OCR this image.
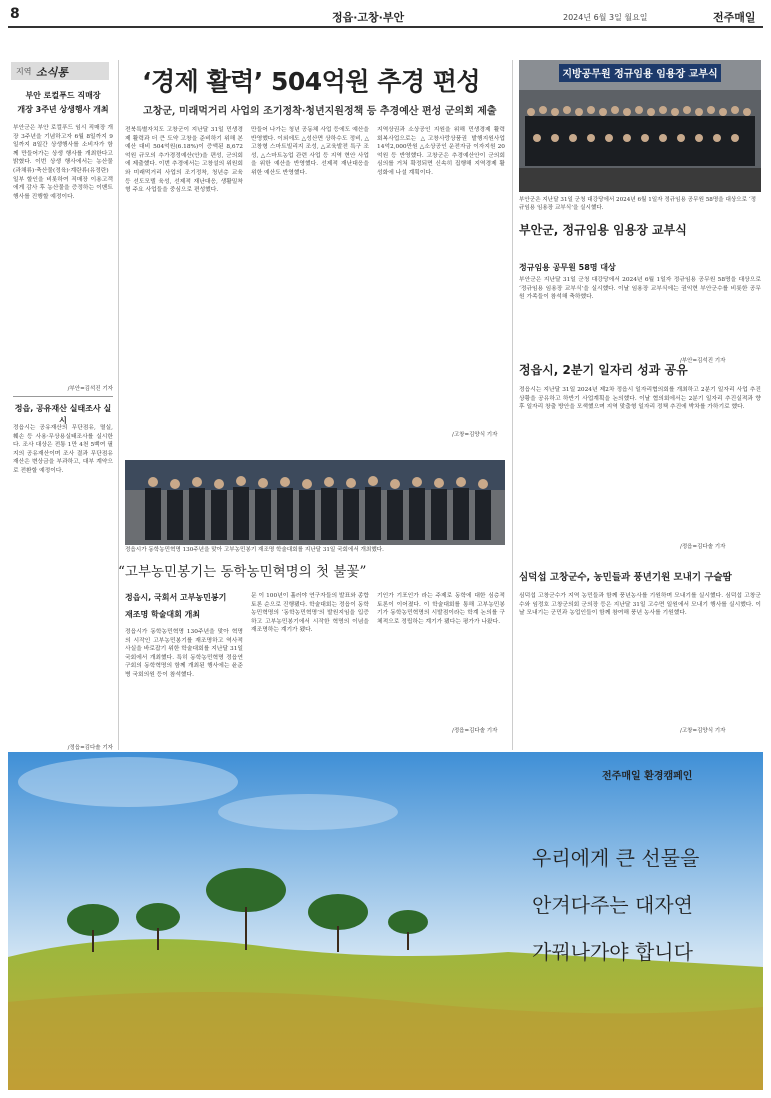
8	정읍·고창·부안	2024년 6월 3일 월요일	전주매일
지역 소식통
부안 로컬푸드 직매장
개장 3주년 상생행사 개최
부안군은 부안 로컬푸드 임시 직매장 개장 3주년을 기념하고자 6월 8일까지 9일까지 8일간 상생행사를 소비자가 함께 만들어가는 상생 행사를 개최한다고 밝혔다. 이번 상생 행사에서는 농산물(과채류)·축산물(정육)·계란류(유정란) 일부 할인을 비롯하여 직매장 이용고객에게 감사 후 농산물을 증정하는 이벤트 행사를 진행할 예정이다.
/부안=김석진 기자
정읍, 공유재산 실태조사 실시
정읍시는 공유재산의 무단점유, 멸실, 훼손 등 사용·무상용실태조사를 실시한다. 조사 대상은 전통 1만 4천 5백여 필지의 공유재산이며 조사 결과 무단점유 재산은 변상금을 부과하고, 대부 계약으로 전환할 예정이다.
/정읍=김다솔 기자
‘경제 활력’ 504억원 추경 편성
고창군, 미래먹거리 사업의 조기정착·청년지원정책 등 추경예산 편성 군의회 제출
전북특별자치도 고창군이 지난달 31일 민생경제 활력과 더 큰 도약 고창을 준비하기 위해 본예산 대비 504억원(6.18%)이 증액된 8,672억원 규모의 추가경정예산(안)을 편성, 군의회에 제출했다. 이번 추경에서는 고창설의 위원회와 미래먹거리 사업의 조기정착, 청년층 교육 등 선도모델 육성, 선제적 재난대응, 생활밀착형 주요 사업들을 중심으로 편성했다.
만들어 나가는 청년 공동체 사업 등에도 예산을 반영했다. 이외에도 △성산면 상하수도 정비, △고창형 스마트빌리지 조성, △교육발전 특구 조성, △스마트농업 관련 사업 등 지역 현안 사업을 위한 예산을 반영했다. 선제적 재난대응을 위한 예산도 반영했다.
지역상권과 소상공인 지원을 위해 민생경제 활력 회복사업으로는 △고창사랑상품권 발행지원사업 14억2,000만원 △소상공인 운전자금 이자지원 20억원 등 반영했다. 고창군은 추경예산안이 군의회 심의를 거쳐 확정되면 신속히 집행해 지역경제 활성화에 나설 계획이다.
/고창=김양식 기자
정읍시가 동학농민혁명 130주년을 맞아 고부농민봉기 재조명 학술대회를 지난달 31일 국회에서 개최했다.
“고부농민봉기는 동학농민혁명의 첫 불꽃”
정읍시, 국회서 고부농민봉기
재조명 학술대회 개최
정읍시가 동학농민혁명 130주년을 맞아 혁명의 시작인 고부농민봉기를 재조명하고 역사적 사실을 바로잡기 위한 학술대회를 지난달 31일 국회에서 개최했다. 특히 동학농민혁명 정읍연구회의 동학혁명의 함께 개최된 행사에는 윤준병 국회의원 등이 참석했다.
문 이 100년이 흘러야 연구자들의 발표와 종합토론 순으로 진행됐다. 학술대회는 정읍이 동학농민혁명의 ‘동학농민혁명’의 발원지임을 입증하고 고부농민봉기에서 시작한 혁명의 이념을 재조명하는 계기가 됐다.
기인가 기포인가 라는 주제로 동학에 대한 심층적 토론이 이어졌다. 이 학술대회를 통해 고부농민봉기가 동학농민혁명의 시발점이라는 학계 논의를 구체적으로 정립하는 계기가 됐다는 평가가 나왔다.
/정읍=김다솔 기자
지방공무원 정규임용 임용장 교부식
부안군은 지난달 31일 군청 대강당에서 2024년 6월 1일자 정규임용 공무원 58명을 대상으로 ‘정규임용 임용장 교부식’을 실시했다.
부안군, 정규임용 임용장 교부식
정규임용 공무원 58명 대상
부안군은 지난달 31일 군청 대강당에서 2024년 6월 1일자 정규임용 공무원 58명을 대상으로 ‘정규임용 임용장 교부식’을 실시했다. 이날 임용장 교부식에는 권익현 부안군수를 비롯한 공무원 가족들이 참석해 축하했다.
/부안=김석진 기자
정읍시, 2분기 일자리 성과 공유
정읍시는 지난달 31일 2024년 제2차 정읍시 일자리협의회를 개최하고 2분기 일자리 사업 추진상황을 공유하고 하반기 사업계획을 논의했다. 이날 협의회에서는 2분기 일자리 추진실적과 향후 일자리 창출 방안을 모색했으며 지역 맞춤형 일자리 정책 추진에 박차를 가하기로 했다.
/정읍=김다솔 기자
심덕섭 고창군수, 농민들과 풍년기원 모내기 구슬땀
심덕섭 고창군수가 지역 농민들과 함께 풍년농사를 기원하며 모내기를 실시했다. 심덕섭 고창군수와 임정호 고창군의회 군의장 등은 지난달 31일 고수면 일원에서 모내기 행사를 실시했다. 이날 모내기는 군민과 농업인들이 함께 참여해 풍년 농사를 기원했다.
/고창=김양식 기자
전주매일 환경캠페인
우리에게 큰 선물을
안겨다주는 대자연
가꿔나가야 합니다
